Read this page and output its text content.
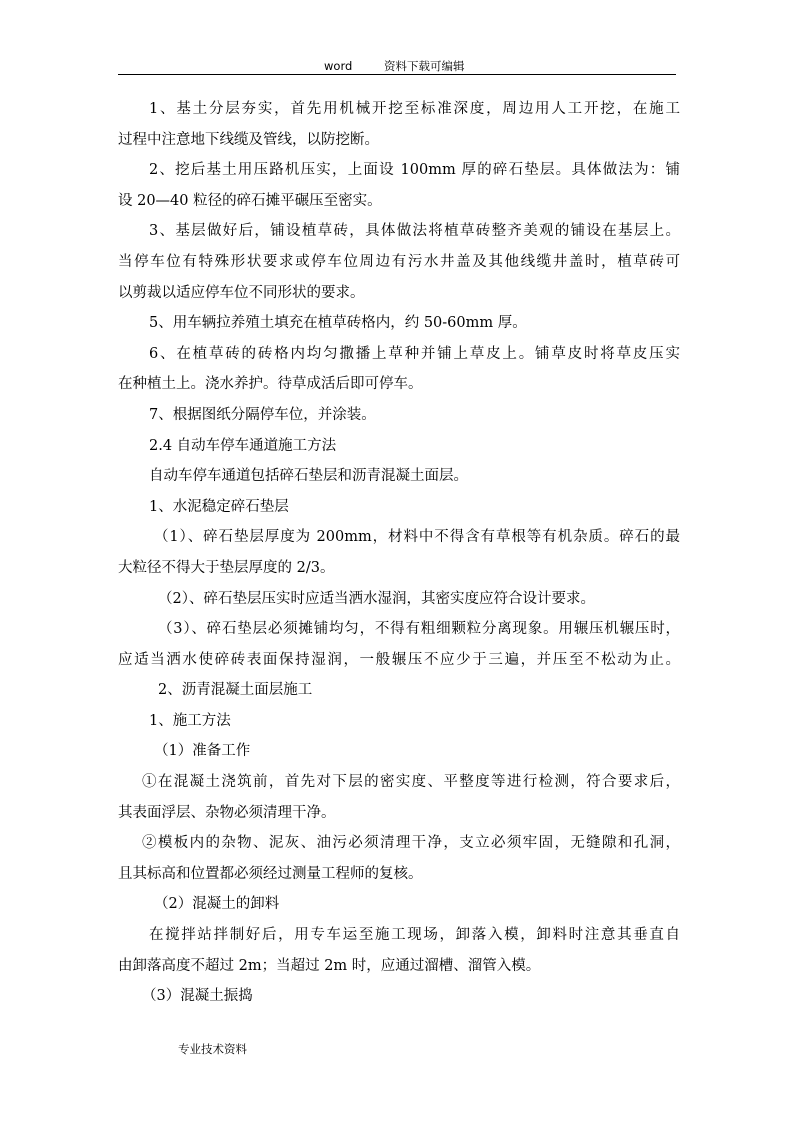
word	资料下载可编辑
1、基土分层夯实，首先用机械开挖至标准深度，周边用人工开挖，在施工
过程中注意地下线缆及管线，以防挖断。
2、挖后基土用压路机压实，上面设 100mm 厚的碎石垫层。具体做法为：铺
设 20—40 粒径的碎石摊平碾压至密实。
3、基层做好后，铺设植草砖，具体做法将植草砖整齐美观的铺设在基层上。
当停车位有特殊形状要求或停车位周边有污水井盖及其他线缆井盖时，植草砖可
以剪裁以适应停车位不同形状的要求。
5、用车辆拉养殖土填充在植草砖格内，约 50-60mm 厚。
6、在植草砖的砖格内均匀撒播上草种并铺上草皮上。铺草皮时将草皮压实
在种植土上。浇水养护。待草成活后即可停车。
7、根据图纸分隔停车位，并涂装。
2.4 自动车停车通道施工方法
自动车停车通道包括碎石垫层和沥青混凝土面层。
1、水泥稳定碎石垫层
（1）、碎石垫层厚度为 200mm，材料中不得含有草根等有机杂质。碎石的最
大粒径不得大于垫层厚度的 2/3。
（2）、碎石垫层压实时应适当洒水湿润，其密实度应符合设计要求。
（3）、碎石垫层必须摊铺均匀，不得有粗细颗粒分离现象。用辗压机辗压时，
应适当洒水使碎砖表面保持湿润，一般辗压不应少于三遍，并压至不松动为止。
2、沥青混凝土面层施工
1、施工方法
（1）准备工作
①在混凝土浇筑前，首先对下层的密实度、平整度等进行检测，符合要求后，
其表面浮层、杂物必须清理干净。
②模板内的杂物、泥灰、油污必须清理干净，支立必须牢固，无缝隙和孔洞，
且其标高和位置都必须经过测量工程师的复核。
（2）混凝土的卸料
在搅拌站拌制好后，用专车运至施工现场，卸落入模，卸料时注意其垂直自
由卸落高度不超过 2m；当超过 2m 时，应通过溜槽、溜管入模。
（3）混凝土振捣
专业技术资料
